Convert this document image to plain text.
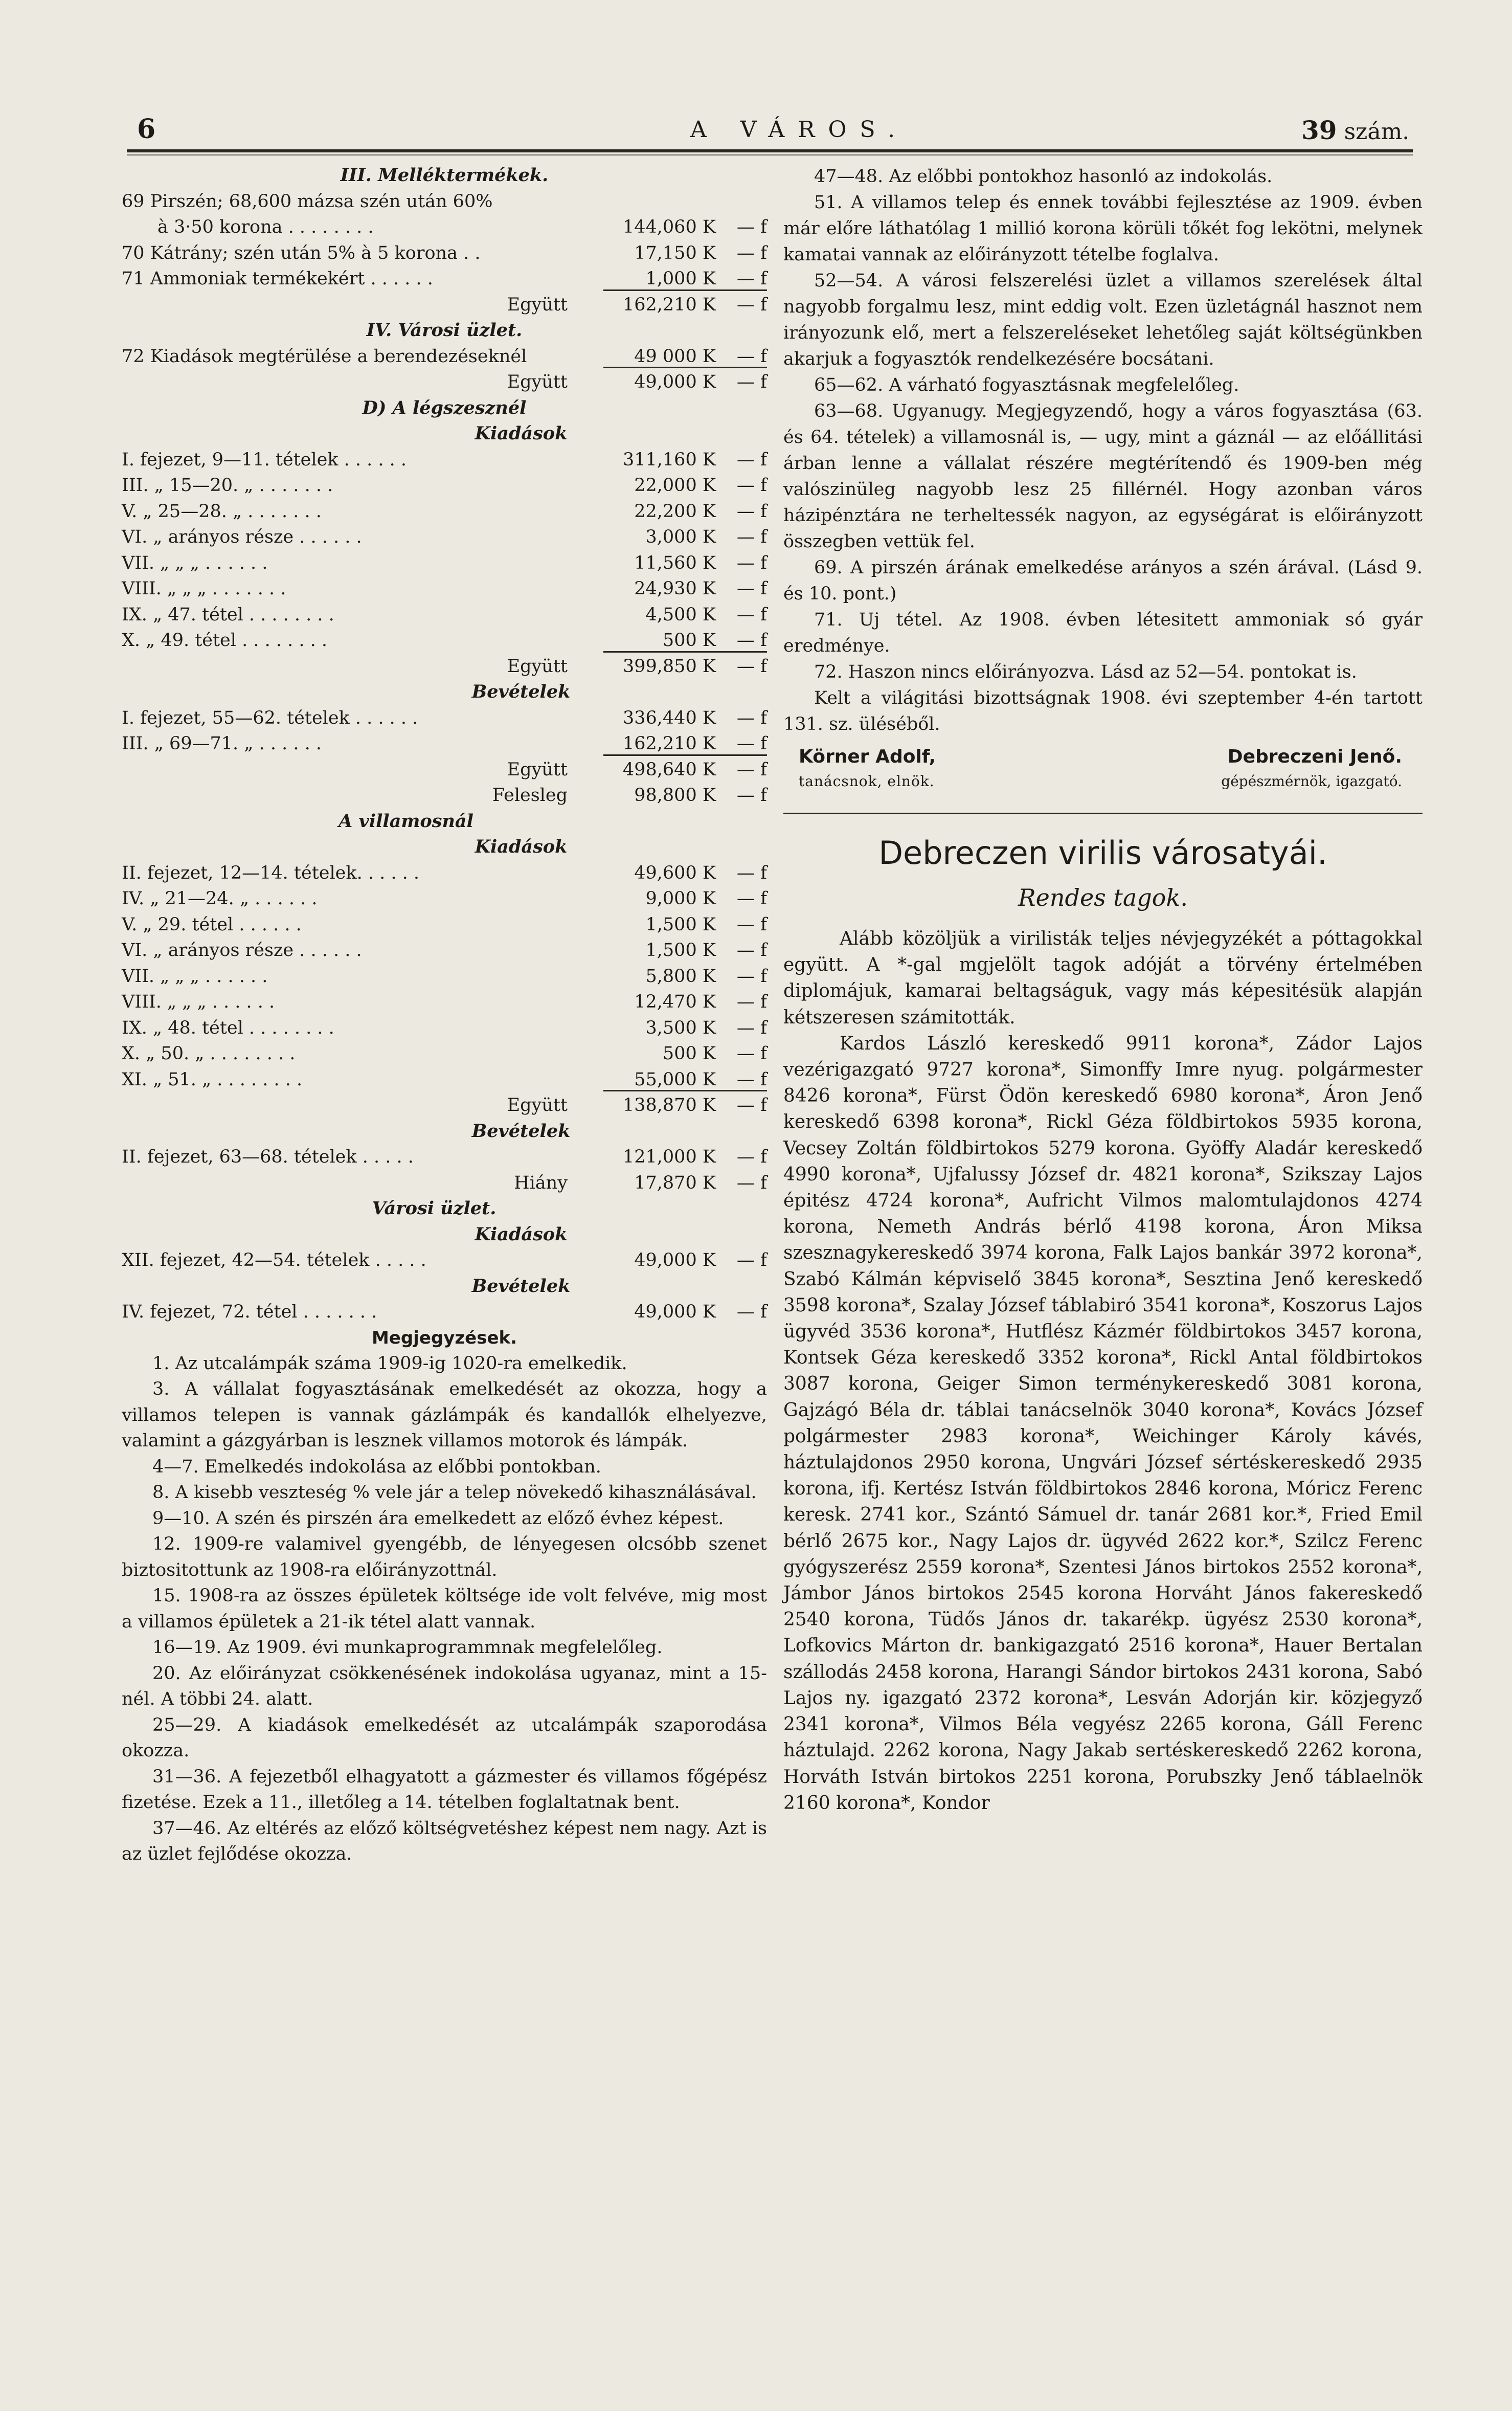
6	A VÁROS.	39 szám.
III. Melléktermékek.
69 Pirszén; 68,600 mázsa szén után 60%
à 3·50 korona . . . . . . . .	144,060 K	— f
70 Kátrány; szén után 5% à 5 korona . .	17,150 K	— f
71 Ammoniak termékekért . . . . . .	1,000 K	— f
Együtt	162,210 K	— f
IV. Városi üzlet.
72 Kiadások megtérülése a berendezéseknél	49 000 K	— f
Együtt	49,000 K	— f
D) A légszesznél
Kiadások
I. fejezet, 9—11. tételek . . . . . .	311,160 K	— f
III. „ 15—20. „ . . . . . . .	22,000 K	— f
V. „ 25—28. „ . . . . . . .	22,200 K	— f
VI. „ arányos része . . . . . .	3,000 K	— f
VII. „ „ „ . . . . . .	11,560 K	— f
VIII. „ „ „ . . . . . . .	24,930 K	— f
IX. „ 47. tétel . . . . . . . .	4,500 K	— f
X. „ 49. tétel . . . . . . . .	500 K	— f
Együtt	399,850 K	— f
Bevételek
I. fejezet, 55—62. tételek . . . . . .	336,440 K	— f
III. „ 69—71. „ . . . . . .	162,210 K	— f
Együtt	498,640 K	— f
Felesleg	98,800 K	— f
A villamosnál
Kiadások
II. fejezet, 12—14. tételek. . . . . .	49,600 K	— f
IV. „ 21—24. „ . . . . . .	9,000 K	— f
V. „ 29. tétel . . . . . .	1,500 K	— f
VI. „ arányos része . . . . . .	1,500 K	— f
VII. „ „ „ . . . . . .	5,800 K	— f
VIII. „ „ „ . . . . . .	12,470 K	— f
IX. „ 48. tétel . . . . . . . .	3,500 K	— f
X. „ 50. „ . . . . . . . .	500 K	— f
XI. „ 51. „ . . . . . . . .	55,000 K	— f
Együtt	138,870 K	— f
Bevételek
II. fejezet, 63—68. tételek . . . . .	121,000 K	— f
Hiány	17,870 K	— f
Városi üzlet.
Kiadások
XII. fejezet, 42—54. tételek . . . . .	49,000 K	— f
Bevételek
IV. fejezet, 72. tétel . . . . . . .	49,000 K	— f
Megjegyzések.

1. Az utcalámpák száma 1909-ig 1020-ra emelkedik.

3. A vállalat fogyasztásának emelkedését az okozza, hogy a villamos telepen is vannak gázlámpák és kandallók elhelyezve, valamint a gázgyárban is lesznek villamos motorok és lámpák.

4—7. Emelkedés indokolása az előbbi pontokban.

8. A kisebb veszteség % vele jár a telep növekedő kihasználásával.

9—10. A szén és pirszén ára emelkedett az előző évhez képest.

12. 1909-re valamivel gyengébb, de lényegesen olcsóbb szenet biztositottunk az 1908-ra előirányzottnál.

15. 1908-ra az összes épületek költsége ide volt felvéve, mig most a villamos épületek a 21-ik tétel alatt vannak.

16—19. Az 1909. évi munkaprogrammnak megfelelőleg.

20. Az előirányzat csökkenésének indokolása ugyanaz, mint a 15-nél. A többi 24. alatt.

25—29. A kiadások emelkedését az utcalámpák szaporodása okozza.

31—36. A fejezetből elhagyatott a gázmester és villamos főgépész fizetése. Ezek a 11., illetőleg a 14. tételben foglaltatnak bent.

37—46. Az eltérés az előző költségvetéshez képest nem nagy. Azt is az üzlet fejlődése okozza.

47—48. Az előbbi pontokhoz hasonló az indokolás.

51. A villamos telep és ennek további fejlesztése az 1909. évben már előre láthatólag 1 millió korona körüli tőkét fog lekötni, melynek kamatai vannak az előirányzott tételbe foglalva.

52—54. A városi felszerelési üzlet a villamos szerelések által nagyobb forgalmu lesz, mint eddig volt. Ezen üzletágnál hasznot nem irányozunk elő, mert a felszereléseket lehetőleg saját költségünkben akarjuk a fogyasztók rendelkezésére bocsátani.

65—62. A várható fogyasztásnak megfelelőleg.

63—68. Ugyanugy. Megjegyzendő, hogy a város fogyasztása (63. és 64. tételek) a villamosnál is, — ugy, mint a gáznál — az előállitási árban lenne a vállalat részére megtérítendő és 1909-ben még valószinüleg nagyobb lesz 25 fillérnél. Hogy azonban város házipénztára ne terheltessék nagyon, az egységárat is előirányzott összegben vettük fel.

69. A pirszén árának emelkedése arányos a szén árával. (Lásd 9. és 10. pont.)

71. Uj tétel. Az 1908. évben létesitett ammoniak só gyár eredménye.

72. Haszon nincs előirányozva. Lásd az 52—54. pontokat is.

Kelt a világitási bizottságnak 1908. évi szeptember 4-én tartott 131. sz. üléséből.

Körner Adolf,
tanácsnok, elnök.
Debreczeni Jenő.
gépészmérnök, igazgató.
Debreczen virilis városatyái.
Rendes tagok.

Alább közöljük a virilisták teljes névjegyzékét a póttagokkal együtt. A *-gal mgjelölt tagok adóját a törvény értelmében diplomájuk, kamarai beltagságuk, vagy más képesitésük alapján kétszeresen számitották.

Kardos László kereskedő 9911 korona*, Zádor Lajos vezérigazgató 9727 korona*, Simonffy Imre nyug. polgármester 8426 korona*, Fürst Ödön kereskedő 6980 korona*, Áron Jenő kereskedő 6398 korona*, Rickl Géza földbirtokos 5935 korona, Vecsey Zoltán földbirtokos 5279 korona. Gyöffy Aladár kereskedő 4990 korona*, Ujfalussy József dr. 4821 korona*, Szikszay Lajos épitész 4724 korona*, Aufricht Vilmos malomtulajdonos 4274 korona, Nemeth András bérlő 4198 korona, Áron Miksa szesznagykereskedő 3974 korona, Falk Lajos bankár 3972 korona*, Szabó Kálmán képviselő 3845 korona*, Sesztina Jenő kereskedő 3598 korona*, Szalay József táblabiró 3541 korona*, Koszorus Lajos ügyvéd 3536 korona*, Hutflész Kázmér földbirtokos 3457 korona, Kontsek Géza kereskedő 3352 korona*, Rickl Antal földbirtokos 3087 korona, Geiger Simon terménykereskedő 3081 korona, Gajzágó Béla dr. táblai tanácselnök 3040 korona*, Kovács József polgármester 2983 korona*, Weichinger Károly kávés, háztulajdonos 2950 korona, Ungvári József sértéskereskedő 2935 korona, ifj. Kertész István földbirtokos 2846 korona, Móricz Ferenc keresk. 2741 kor., Szántó Sámuel dr. tanár 2681 kor.*, Fried Emil bérlő 2675 kor., Nagy Lajos dr. ügyvéd 2622 kor.*, Szilcz Ferenc gyógyszerész 2559 korona*, Szentesi János birtokos 2552 korona*, Jámbor János birtokos 2545 korona Horváht János fakereskedő 2540 korona, Tüdős János dr. takarékp. ügyész 2530 korona*, Lofkovics Márton dr. bankigazgató 2516 korona*, Hauer Bertalan szállodás 2458 korona, Harangi Sándor birtokos 2431 korona, Sabó Lajos ny. igazgató 2372 korona*, Lesván Adorján kir. közjegyző 2341 korona*, Vilmos Béla vegyész 2265 korona, Gáll Ferenc háztulajd. 2262 korona, Nagy Jakab sertéskereskedő 2262 korona, Horváth István birtokos 2251 korona, Porubszky Jenő táblaelnök 2160 korona*, Kondor
